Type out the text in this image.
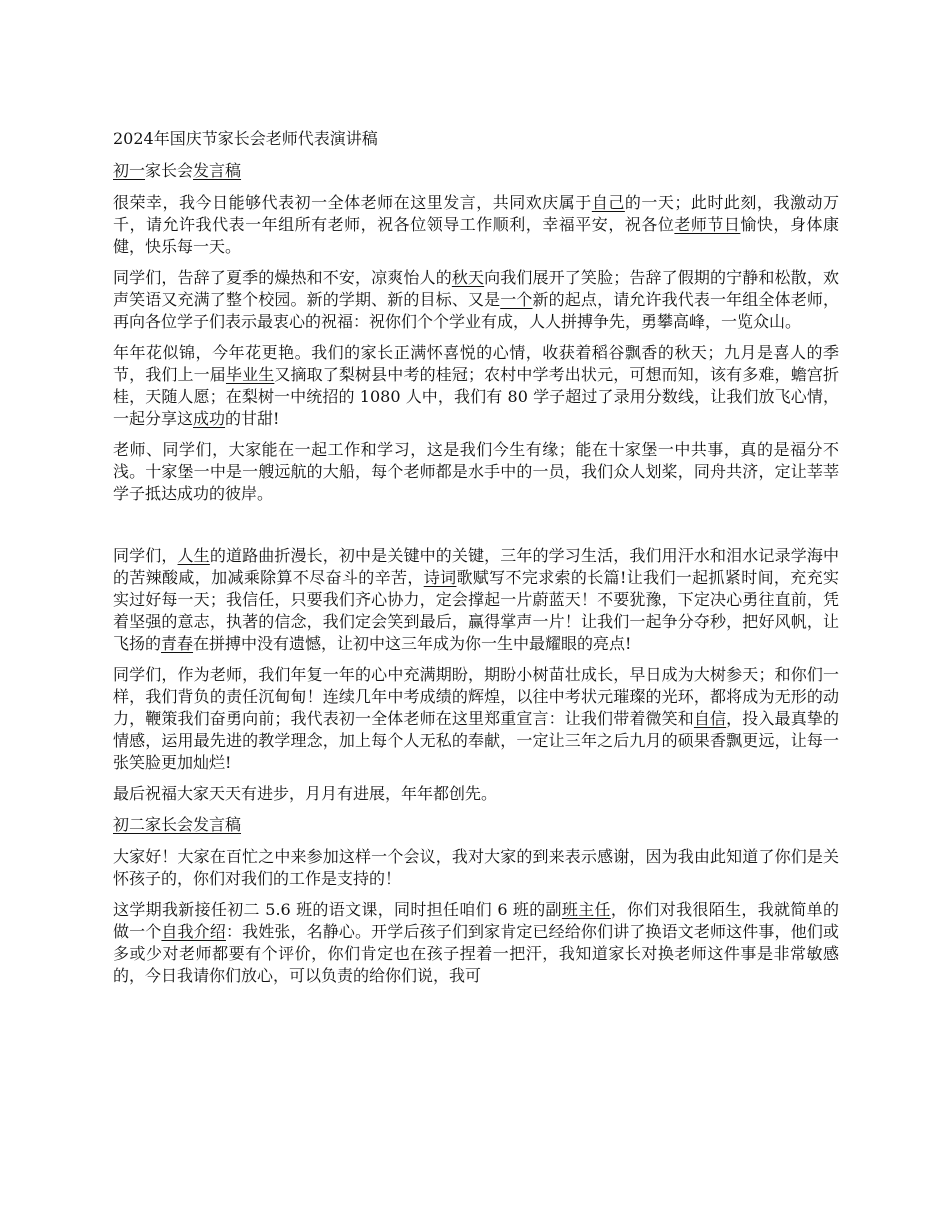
2024年国庆节家长会老师代表演讲稿

初一家长会发言稿

很荣幸，我今日能够代表初一全体老师在这里发言，共同欢庆属于自己的一天；此时此刻，我激动万千，请允许我代表一年组所有老师，祝各位领导工作顺利，幸福平安，祝各位老师节日愉快，身体康健，快乐每一天。

同学们，告辞了夏季的燥热和不安，凉爽怡人的秋天向我们展开了笑脸；告辞了假期的宁静和松散，欢声笑语又充满了整个校园。新的学期、新的目标、又是一个新的起点，请允许我代表一年组全体老师，再向各位学子们表示最衷心的祝福：祝你们个个学业有成，人人拼搏争先，勇攀高峰，一览众山。

年年花似锦，今年花更艳。我们的家长正满怀喜悦的心情，收获着稻谷飘香的秋天；九月是喜人的季节，我们上一届毕业生又摘取了梨树县中考的桂冠；农村中学考出状元，可想而知，该有多难，蟾宫折桂，天随人愿；在梨树一中统招的 1080 人中，我们有 80 学子超过了录用分数线，让我们放飞心情，一起分享这成功的甘甜!

老师、同学们，大家能在一起工作和学习，这是我们今生有缘；能在十家堡一中共事，真的是福分不浅。十家堡一中是一艘远航的大船，每个老师都是水手中的一员，我们众人划桨，同舟共济，定让莘莘学子抵达成功的彼岸。

同学们，人生的道路曲折漫长，初中是关键中的关键，三年的学习生活，我们用汗水和泪水记录学海中的苦辣酸咸，加减乘除算不尽奋斗的辛苦，诗词歌赋写不完求索的长篇!让我们一起抓紧时间，充充实实过好每一天；我信任，只要我们齐心协力，定会撑起一片蔚蓝天！不要犹豫，下定决心勇往直前，凭着坚强的意志，执著的信念，我们定会笑到最后，赢得掌声一片！让我们一起争分夺秒，把好风帆，让飞扬的青春在拼搏中没有遗憾，让初中这三年成为你一生中最耀眼的亮点!

同学们，作为老师，我们年复一年的心中充满期盼，期盼小树苗壮成长，早日成为大树参天；和你们一样，我们背负的责任沉甸甸！连续几年中考成绩的辉煌，以往中考状元璀璨的光环，都将成为无形的动力，鞭策我们奋勇向前；我代表初一全体老师在这里郑重宣言：让我们带着微笑和自信，投入最真挚的情感，运用最先进的教学理念，加上每个人无私的奉献，一定让三年之后九月的硕果香飘更远，让每一张笑脸更加灿烂!

最后祝福大家天天有进步，月月有进展，年年都创先。

初二家长会发言稿

大家好！大家在百忙之中来参加这样一个会议，我对大家的到来表示感谢，因为我由此知道了你们是关怀孩子的，你们对我们的工作是支持的！

这学期我新接任初二 5.6 班的语文课，同时担任咱们 6 班的副班主任，你们对我很陌生，我就简单的做一个自我介绍：我姓张，名静心。开学后孩子们到家肯定已经给你们讲了换语文老师这件事，他们或多或少对老师都要有个评价，你们肯定也在孩子捏着一把汗，我知道家长对换老师这件事是非常敏感的，今日我请你们放心，可以负责的给你们说，我可
